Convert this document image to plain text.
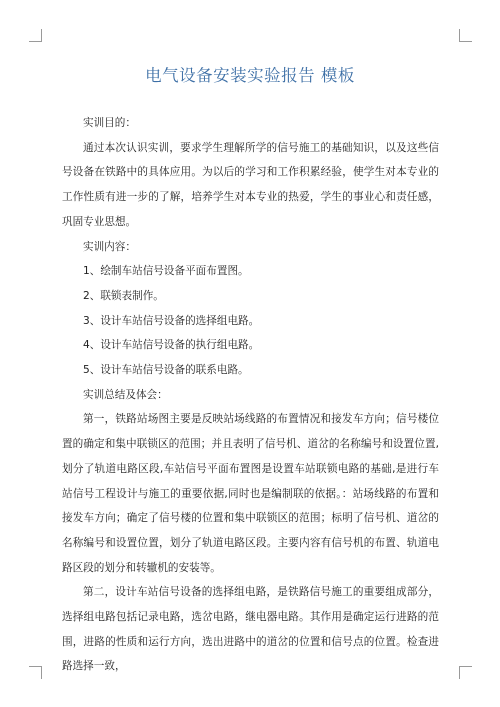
电气设备安装实验报告 模板

实训目的：

通过本次认识实训，要求学生理解所学的信号施工的基础知识，以及这些信号设备在铁路中的具体应用。为以后的学习和工作积累经验，使学生对本专业的工作性质有进一步的了解，培养学生对本专业的热爱，学生的事业心和责任感，巩固专业思想。

实训内容：

1、绘制车站信号设备平面布置图。

2、联锁表制作。

3、设计车站信号设备的选择组电路。

4、设计车站信号设备的执行组电路。

5、设计车站信号设备的联系电路。

实训总结及体会：

第一，铁路站场图主要是反映站场线路的布置情况和接发车方向；信号楼位置的确定和集中联锁区的范围；并且表明了信号机、道岔的名称编号和设置位置,划分了轨道电路区段,车站信号平面布置图是设置车站联锁电路的基础,是进行车站信号工程设计与施工的重要依据,同时也是编制联的依据。：站场线路的布置和接发车方向；确定了信号楼的位置和集中联锁区的范围；标明了信号机、道岔的名称编号和设置位置，划分了轨道电路区段。主要内容有信号机的布置、轨道电路区段的划分和转辙机的安装等。

第二，设计车站信号设备的选择组电路，是铁路信号施工的重要组成部分，选择组电路包括记录电路，选岔电路，继电器电路。其作用是确定运行进路的范围，进路的性质和运行方向，选出进路中的道岔的位置和信号点的位置。检查进路选择一致，
